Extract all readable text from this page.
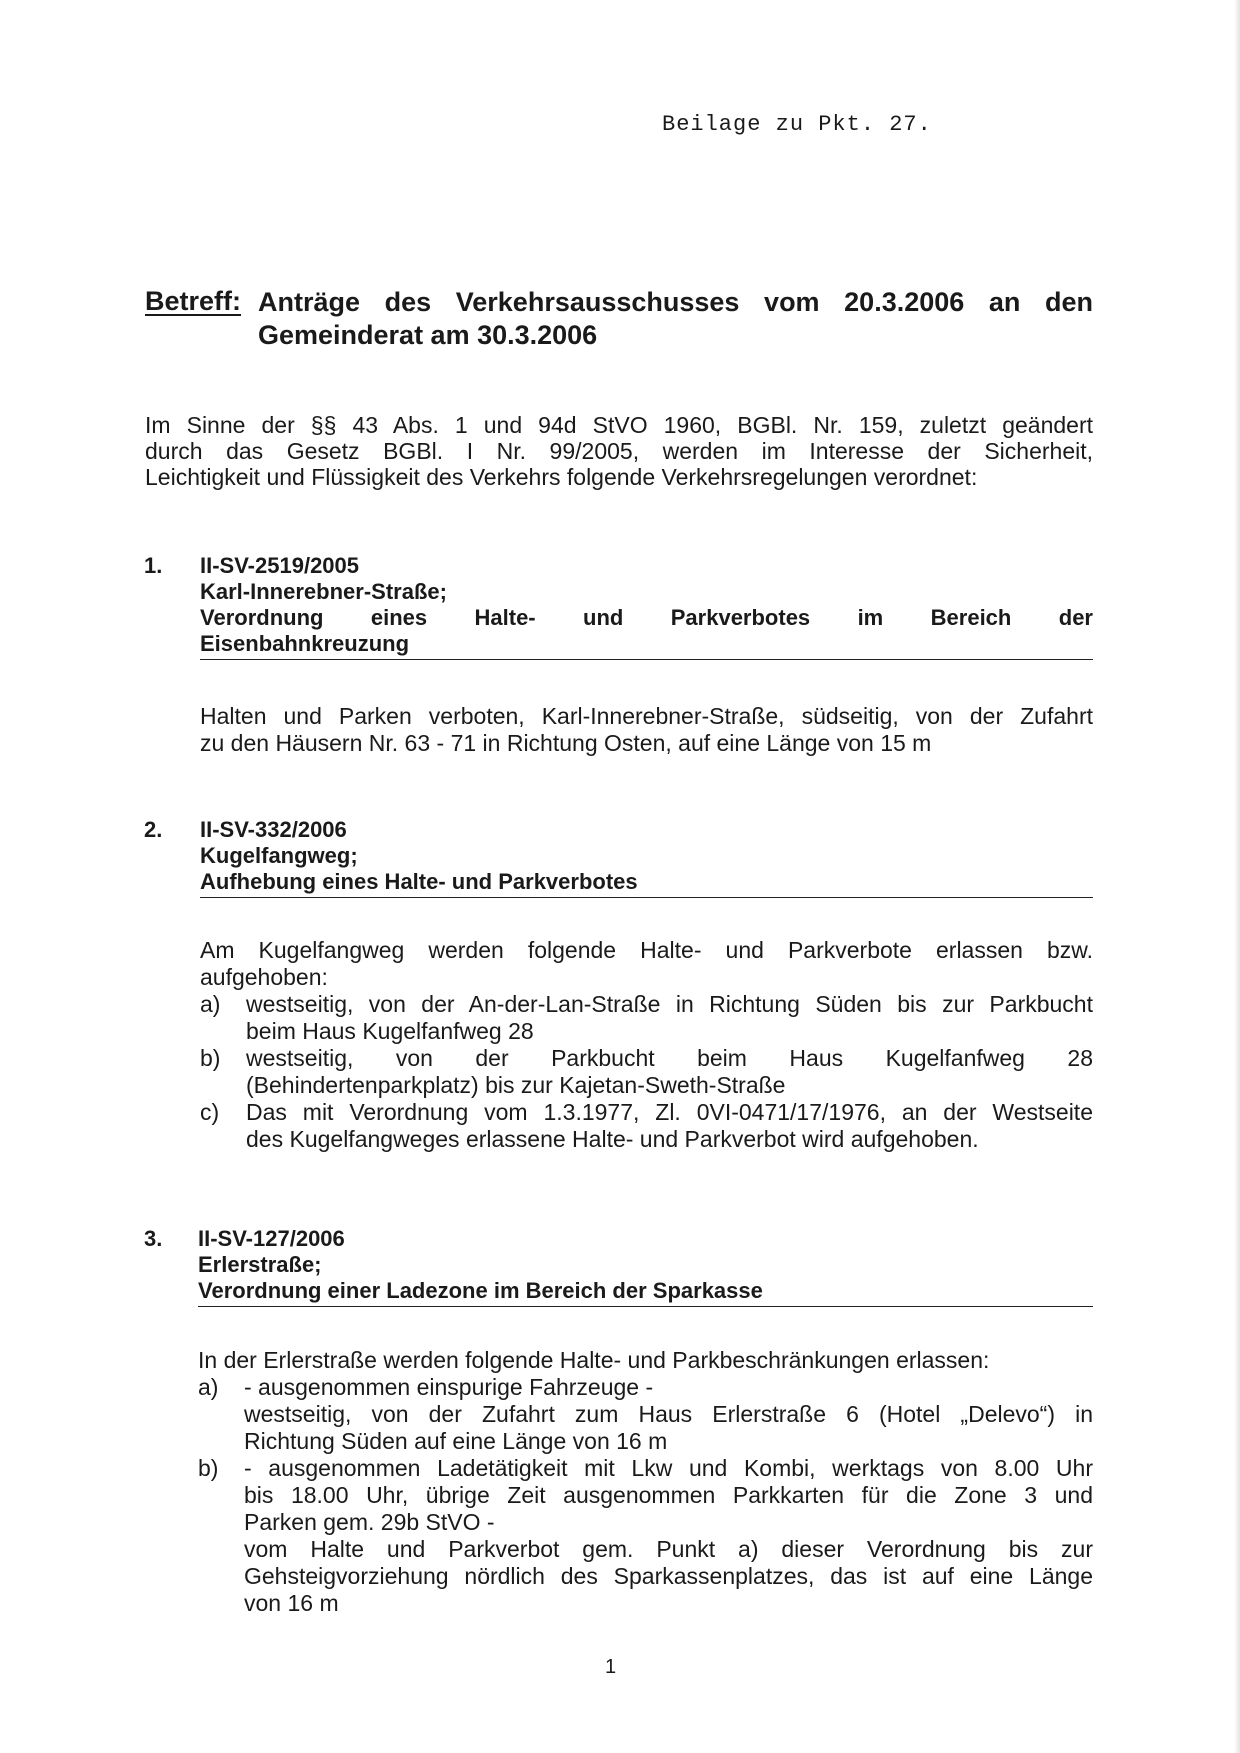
Beilage zu Pkt. 27.
Betreff: Anträge des Verkehrsausschusses vom 20.3.2006 an den
Gemeinderat am 30.3.2006
Im Sinne der §§ 43 Abs. 1 und 94d StVO 1960, BGBl. Nr. 159, zuletzt geändert
durch das Gesetz BGBl. I Nr. 99/2005, werden im Interesse der Sicherheit,
Leichtigkeit und Flüssigkeit des Verkehrs folgende Verkehrsregelungen verordnet:
1. II-SV-2519/2005
Karl-Innerebner-Straße;
Verordnung eines Halte- und Parkverbotes im Bereich der
Eisenbahnkreuzung
Halten und Parken verboten, Karl-Innerebner-Straße, südseitig, von der Zufahrt
zu den Häusern Nr. 63 - 71 in Richtung Osten, auf eine Länge von 15 m
2. II-SV-332/2006
Kugelfangweg;
Aufhebung eines Halte- und Parkverbotes
Am Kugelfangweg werden folgende Halte- und Parkverbote erlassen bzw.
aufgehoben:
a)	westseitig, von der An-der-Lan-Straße in Richtung Süden bis zur Parkbucht
beim Haus Kugelfanfweg 28
b)	westseitig, von der Parkbucht beim Haus Kugelfanfweg 28
(Behindertenparkplatz) bis zur Kajetan-Sweth-Straße
c)	Das mit Verordnung vom 1.3.1977, Zl. 0VI-0471/17/1976, an der Westseite
des Kugelfangweges erlassene Halte- und Parkverbot wird aufgehoben.
3. II-SV-127/2006
Erlerstraße;
Verordnung einer Ladezone im Bereich der Sparkasse
In der Erlerstraße werden folgende Halte- und Parkbeschränkungen erlassen:
a)	- ausgenommen einspurige Fahrzeuge -
westseitig, von der Zufahrt zum Haus Erlerstraße 6 (Hotel „Delevo“) in
Richtung Süden auf eine Länge von 16 m
b)	- ausgenommen Ladetätigkeit mit Lkw und Kombi, werktags von 8.00 Uhr
bis 18.00 Uhr, übrige Zeit ausgenommen Parkkarten für die Zone 3 und
Parken gem. 29b StVO -
vom Halte und Parkverbot gem. Punkt a) dieser Verordnung bis zur
Gehsteigvorziehung nördlich des Sparkassenplatzes, das ist auf eine Länge
von 16 m
1
